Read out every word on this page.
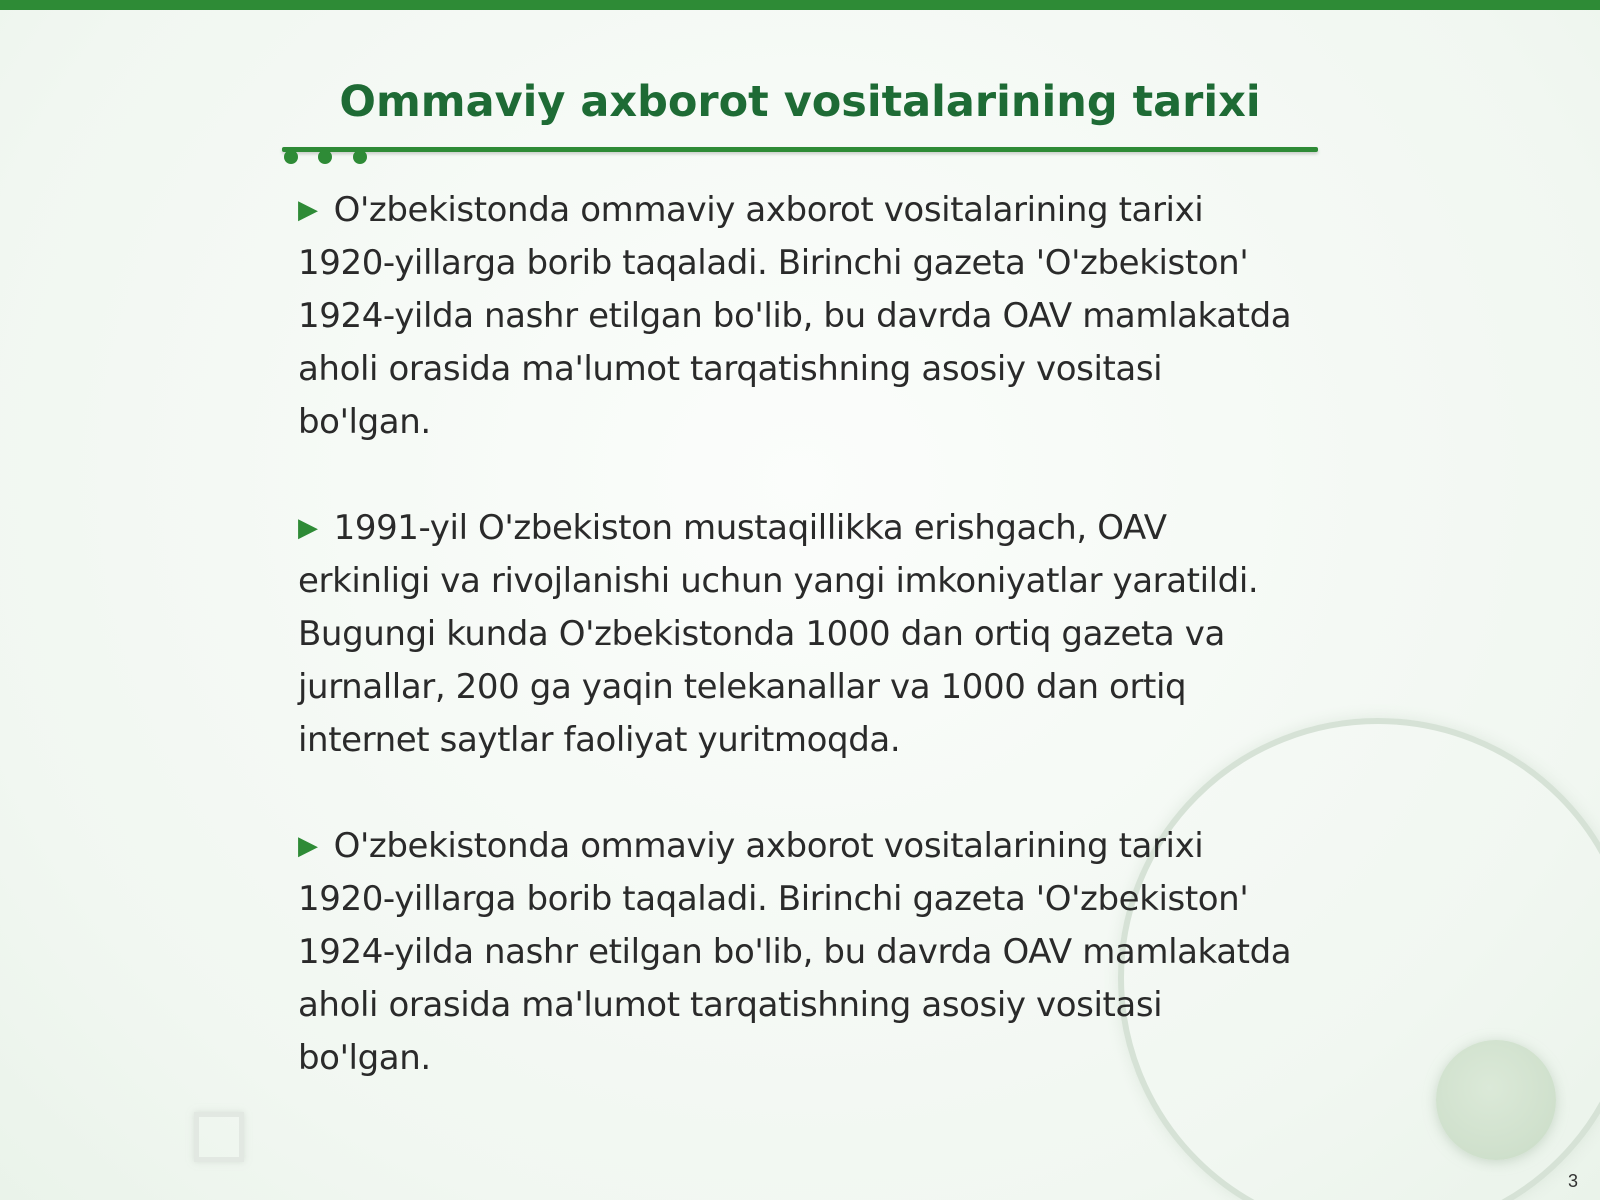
Ommaviy axborot vositalarining tarixi

▶ O'zbekistonda ommaviy axborot vositalarining tarixi 1920-yillarga borib taqaladi. Birinchi gazeta 'O'zbekiston' 1924-yilda nashr etilgan bo'lib, bu davrda OAV mamlakatda aholi orasida ma'lumot tarqatishning asosiy vositasi bo'lgan.

▶ 1991-yil O'zbekiston mustaqillikka erishgach, OAV erkinligi va rivojlanishi uchun yangi imkoniyatlar yaratildi. Bugungi kunda O'zbekistonda 1000 dan ortiq gazeta va jurnallar, 200 ga yaqin telekanallar va 1000 dan ortiq internet saytlar faoliyat yuritmoqda.

▶ O'zbekistonda ommaviy axborot vositalarining tarixi 1920-yillarga borib taqaladi. Birinchi gazeta 'O'zbekiston' 1924-yilda nashr etilgan bo'lib, bu davrda OAV mamlakatda aholi orasida ma'lumot tarqatishning asosiy vositasi bo'lgan.

3
